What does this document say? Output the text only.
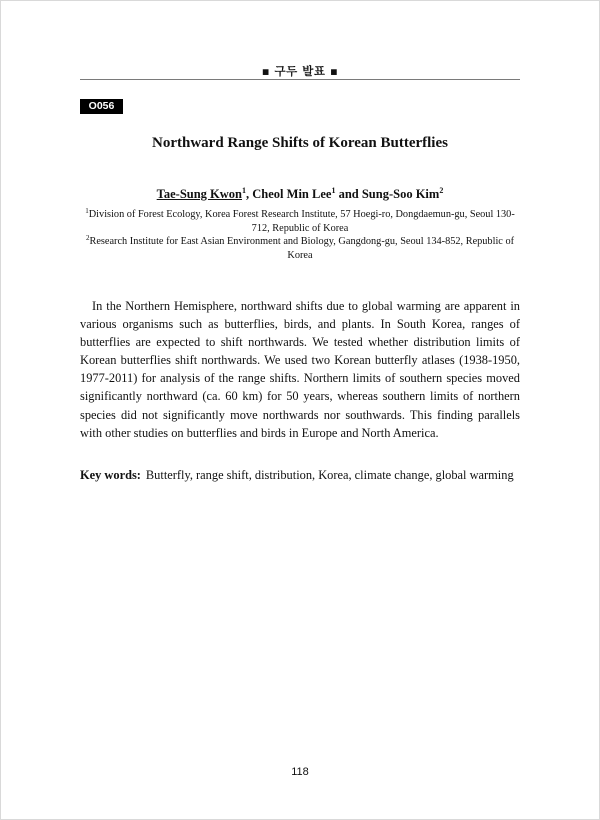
▪ 구두 발표 ▪
O056
Northward Range Shifts of Korean Butterflies
Tae-Sung Kwon$^1$, Cheol Min Lee$^1$ and Sung-Soo Kim$^2$
$^1$Division of Forest Ecology, Korea Forest Research Institute, 57 Hoegi-ro, Dongdaemun-gu, Seoul 130-712, Republic of Korea
$^2$Research Institute for East Asian Environment and Biology, Gangdong-gu, Seoul 134-852, Republic of Korea

In the Northern Hemisphere, northward shifts due to global warming are apparent in various organisms such as butterflies, birds, and plants. In South Korea, ranges of butterflies are expected to shift northwards. We tested whether distribution limits of Korean butterflies shift northwards. We used two Korean butterfly atlases (1938-1950, 1977-2011) for analysis of the range shifts. Northern limits of southern species moved significantly northward (ca. 60 km) for 50 years, whereas southern limits of northern species did not significantly move northwards nor southwards. This finding parallels with other studies on butterflies and birds in Europe and North America.

Key words: Butterfly, range shift, distribution, Korea, climate change, global warming
118
